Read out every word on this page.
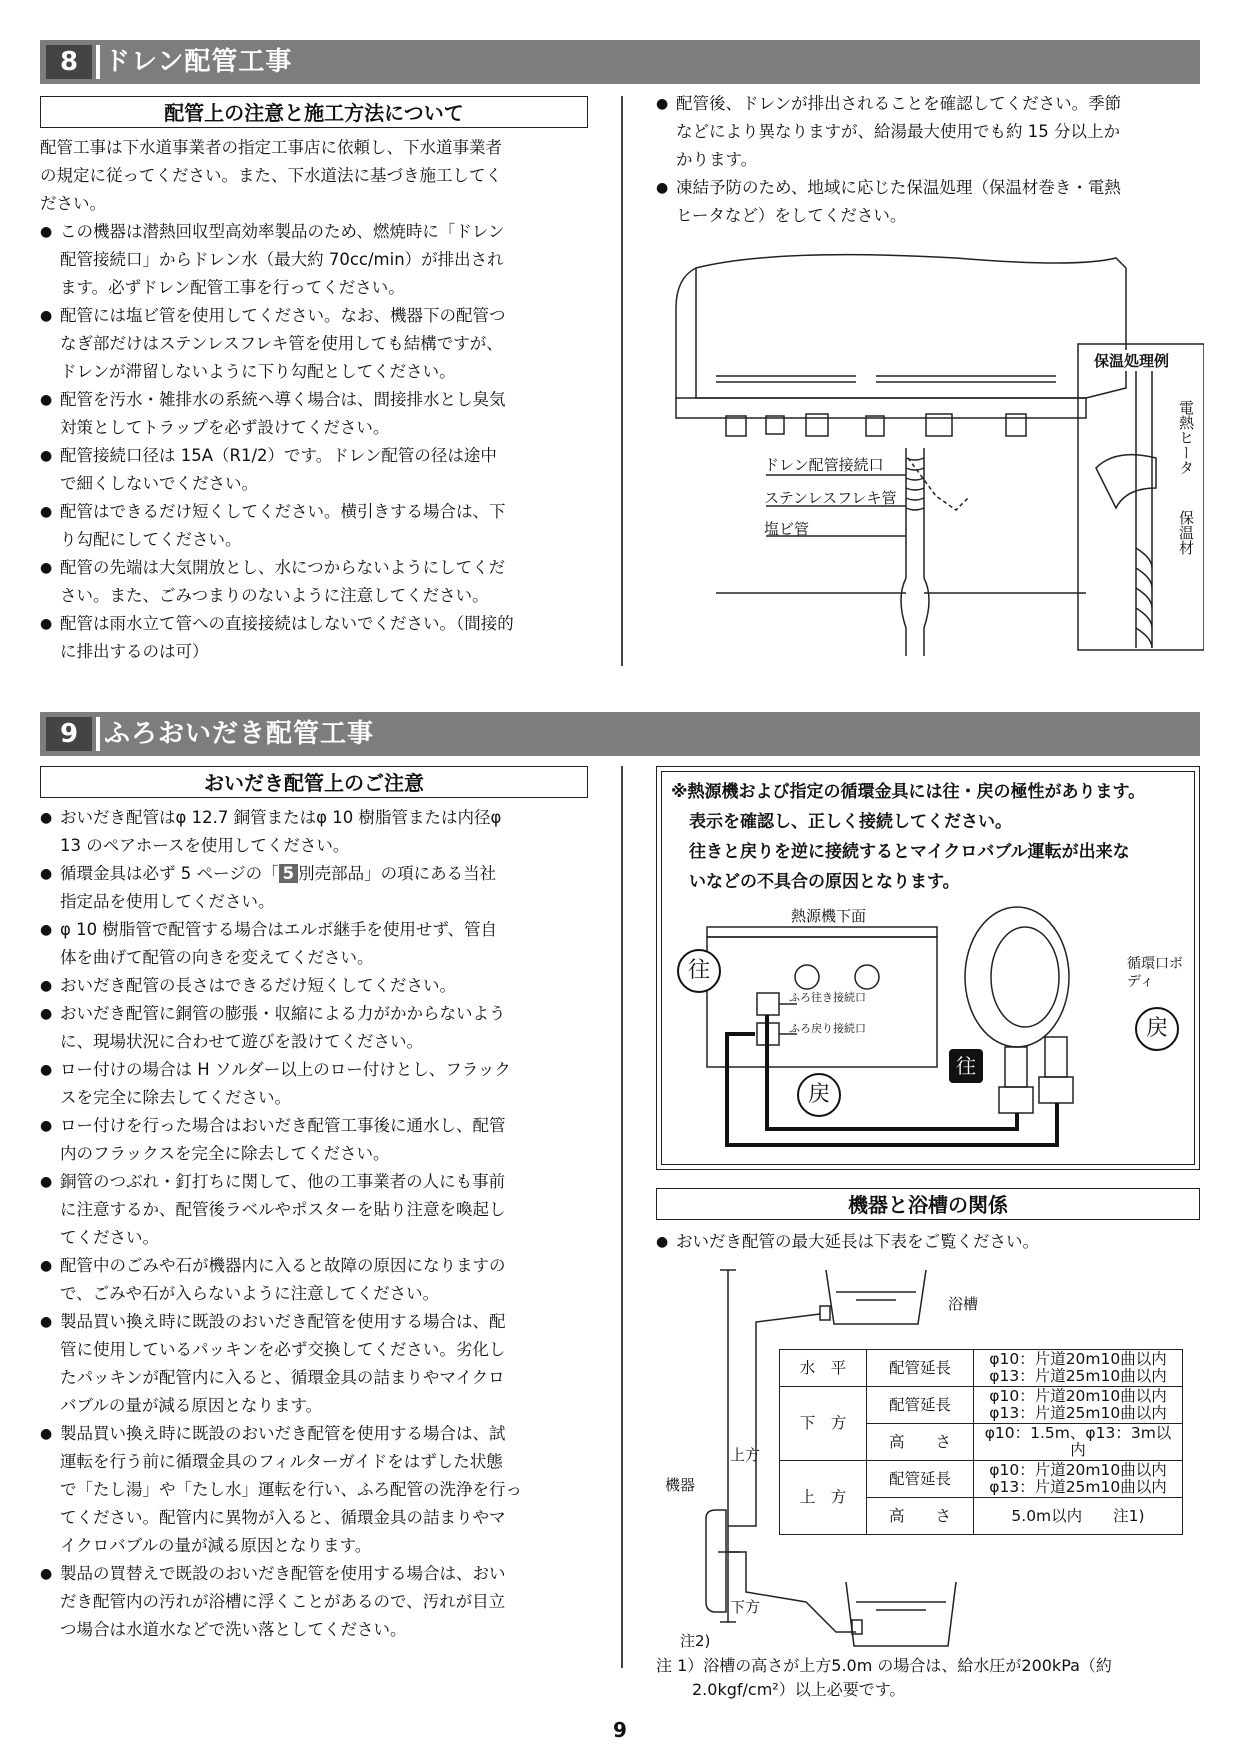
8 ドレン配管工事
配管上の注意と施工方法について
配管工事は下水道事業者の指定工事店に依頼し、下水道事業者
の規定に従ってください。また、下水道法に基づき施工してく
ださい。
● この機器は潜熱回収型高効率製品のため、燃焼時に「ドレン
配管接続口」からドレン水（最大約 70cc/min）が排出され
ます。必ずドレン配管工事を行ってください。
● 配管には塩ビ管を使用してください。なお、機器下の配管つ
なぎ部だけはステンレスフレキ管を使用しても結構ですが、
ドレンが滞留しないように下り勾配としてください。
● 配管を汚水・雑排水の系統へ導く場合は、間接排水とし臭気
対策としてトラップを必ず設けてください。
● 配管接続口径は 15A（R1/2）です。ドレン配管の径は途中
で細くしないでください。
● 配管はできるだけ短くしてください。横引きする場合は、下
り勾配にしてください。
● 配管の先端は大気開放とし、水につからないようにしてくだ
さい。また、ごみつまりのないように注意してください。
● 配管は雨水立て管への直接接続はしないでください。（間接的
に排出するのは可）
● 配管後、ドレンが排出されることを確認してください。季節
などにより異なりますが、給湯最大使用でも約 15 分以上か
かります。
● 凍結予防のため、地域に応じた保温処理（保温材巻き・電熱
ヒータなど）をしてください。
ドレン配管接続口
ステンレスフレキ管
塩ビ管
保温処理例
電熱ヒータ
保温材
9 ふろおいだき配管工事
おいだき配管上のご注意
● おいだき配管はφ 12.7 銅管またはφ 10 樹脂管または内径φ
13 のペアホースを使用してください。
● 循環金具は必ず 5 ページの「 5 別売部品」の項にある当社
指定品を使用してください。
● φ 10 樹脂管で配管する場合はエルボ継手を使用せず、管自
体を曲げて配管の向きを変えてください。
● おいだき配管の長さはできるだけ短くしてください。
● おいだき配管に銅管の膨張・収縮による力がかからないよう
に、現場状況に合わせて遊びを設けてください。
● ロー付けの場合は H ソルダー以上のロー付けとし、フラック
スを完全に除去してください。
● ロー付けを行った場合はおいだき配管工事後に通水し、配管
内のフラックスを完全に除去してください。
● 銅管のつぶれ・釘打ちに関して、他の工事業者の人にも事前
に注意するか、配管後ラベルやポスターを貼り注意を喚起し
てください。
● 配管中のごみや石が機器内に入ると故障の原因になりますの
で、ごみや石が入らないように注意してください。
● 製品買い換え時に既設のおいだき配管を使用する場合は、配
管に使用しているパッキンを必ず交換してください。劣化し
たパッキンが配管内に入ると、循環金具の詰まりやマイクロ
バブルの量が減る原因となります。
● 製品買い換え時に既設のおいだき配管を使用する場合は、試
運転を行う前に循環金具のフィルターガイドをはずした状態
で「たし湯」や「たし水」運転を行い、ふろ配管の洗浄を行っ
てください。配管内に異物が入ると、循環金具の詰まりやマ
イクロバブルの量が減る原因となります。
● 製品の買替えで既設のおいだき配管を使用する場合は、おい
だき配管内の汚れが浴槽に浮くことがあるので、汚れが目立
つ場合は水道水などで洗い落としてください。
※熱源機および指定の循環金具には往・戻の極性があります。
表示を確認し、正しく接続してください。
往きと戻りを逆に接続するとマイクロバブル運転が出来な
いなどの不具合の原因となります。
熱源機下面
往
戻
ふろ往き接続口
ふろ戻り接続口
循環口ボディ
往
戻
機器と浴槽の関係
● おいだき配管の最大延長は下表をご覧ください。
浴槽
機器
上方
下方
注2)
水　平	配管延長	φ10：片道20m10曲以内
φ13：片道25m10曲以内

下　方	配管延長	φ10：片道20m10曲以内
φ13：片道25m10曲以内

	高　　さ	φ10：1.5m、φ13：3m以内
上　方	配管延長	φ10：片道20m10曲以内
φ13：片道25m10曲以内

	高　　さ	5.0m以内　　注1)
注 1）浴槽の高さが上方5.0m の場合は、給水圧が200kPa（約
2.0kgf/cm²）以上必要です。
9
